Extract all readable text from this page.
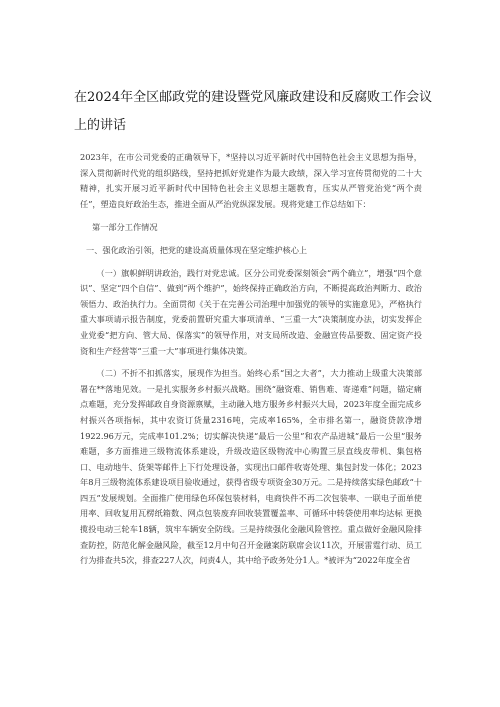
在2024年全区邮政党的建设暨党风廉政建设和反腐败工作会议上的讲话

2023年，在市公司党委的正确领导下，*坚持以习近平新时代中国特色社会主义思想为指导，深入贯彻新时代党的组织路线，坚持把抓好党建作为最大政绩，深入学习宣传贯彻党的二十大精神，扎实开展习近平新时代中国特色社会主义思想主题教育，压实从严管党治党“两个责任”，塑造良好政治生态，推进全面从严治党纵深发展。现将党建工作总结如下：

第一部分工作情况

一、强化政治引领，把党的建设高质量体现在坚定维护核心上

（一）旗帜鲜明讲政治，践行对党忠诚。区分公司党委深刻领会“两个确立”，增强“四个意识”、坚定“四个自信”、做到“两个维护”，始终保持正确政治方向，不断提高政治判断力、政治领悟力、政治执行力。全面贯彻《关于在完善公司治理中加强党的领导的实施意见》，严格执行重大事项请示报告制度，党委前置研究重大事项清单、“三重一大”决策制度办法，切实发挥企业党委“把方向、管大局、保落实”的领导作用，对支局所改造、金融宣传品要数、固定资产投资和生产经营等“三重一大”事项进行集体决策。

（二）不折不扣抓落实，展现作为担当。始终心系“国之大者”，大力推动上级重大决策部署在**落地见效。一是扎实服务乡村振兴战略。围绕“融资难、销售难、寄递难”问题，锚定痛点难题，充分发挥邮政自身资源禀赋，主动融入地方服务乡村振兴大局，2023年度全面完成乡村振兴各项指标，其中农资订货量2316吨，完成率165%，全市排名第一，融资贷款净增1922.96万元，完成率101.2%；切实解决快递“最后一公里”和农产品进城“最后一公里”服务难题，多方面推进三级物流体系建设，升级改造区级物流中心购置三层直线皮带机、集包格口、电动地牛、货架等邮件上下行处理设备，实现出口邮件收寄处理、集包封发一体化；2023年8月三级物流体系建设项目验收通过，获得省级专项资金30万元。二是持续落实绿色邮政“十四五”发展规划。全面推广使用绿色环保包装材料，电商快件不再二次包装率、一联电子面单使用率、回收复用瓦楞纸箱数、网点包装废弃回收装置覆盖率、可循环中转袋使用率均达标 更换揽投电动三轮车18辆，筑牢车辆安全防线。三是持续强化金融风险管控。重点做好金融风险排查防控，防范化解金融风险，截至12月中旬召开金融案防联席会议11次，开展雷霆行动、员工行为排查共5次，排查227人次，问责4人，其中给予政务处分1人。*被评为“2022年度全省
